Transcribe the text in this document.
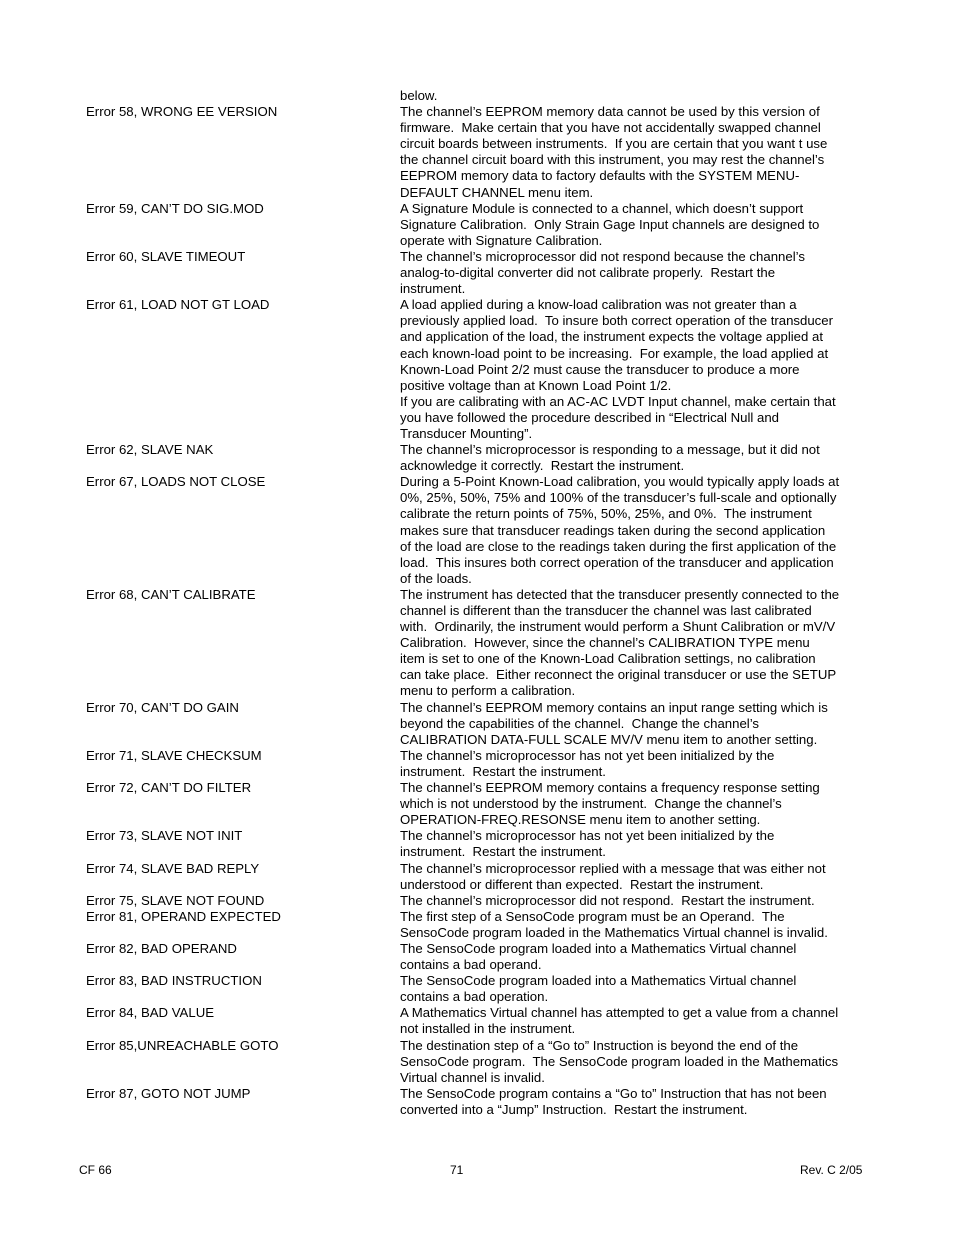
below.
Error 58, WRONG EE VERSION	The channel’s EEPROM memory data cannot be used by this version of
firmware.  Make certain that you have not accidentally swapped channel
circuit boards between instruments.  If you are certain that you want t use
the channel circuit board with this instrument, you may rest the channel’s
EEPROM memory data to factory defaults with the SYSTEM MENU-
DEFAULT CHANNEL menu item.
Error 59, CAN’T DO SIG.MOD	A Signature Module is connected to a channel, which doesn’t support
Signature Calibration.  Only Strain Gage Input channels are designed to
operate with Signature Calibration.
Error 60, SLAVE TIMEOUT	The channel’s microprocessor did not respond because the channel’s
analog-to-digital converter did not calibrate properly.  Restart the
instrument.
Error 61, LOAD NOT GT LOAD	A load applied during a know-load calibration was not greater than a
previously applied load.  To insure both correct operation of the transducer
and application of the load, the instrument expects the voltage applied at
each known-load point to be increasing.  For example, the load applied at
Known-Load Point 2/2 must cause the transducer to produce a more
positive voltage than at Known Load Point 1/2.
If you are calibrating with an AC-AC LVDT Input channel, make certain that
you have followed the procedure described in “Electrical Null and
Transducer Mounting”.
Error 62, SLAVE NAK	The channel’s microprocessor is responding to a message, but it did not
acknowledge it correctly.  Restart the instrument.
Error 67, LOADS NOT CLOSE	During a 5-Point Known-Load calibration, you would typically apply loads at
0%, 25%, 50%, 75% and 100% of the transducer’s full-scale and optionally
calibrate the return points of 75%, 50%, 25%, and 0%.  The instrument
makes sure that transducer readings taken during the second application
of the load are close to the readings taken during the first application of the
load.  This insures both correct operation of the transducer and application
of the loads.
Error 68, CAN’T CALIBRATE	The instrument has detected that the transducer presently connected to the
channel is different than the transducer the channel was last calibrated
with.  Ordinarily, the instrument would perform a Shunt Calibration or mV/V
Calibration.  However, since the channel’s CALIBRATION TYPE menu
item is set to one of the Known-Load Calibration settings, no calibration
can take place.  Either reconnect the original transducer or use the SETUP
menu to perform a calibration.
Error 70, CAN’T DO GAIN	The channel’s EEPROM memory contains an input range setting which is
beyond the capabilities of the channel.  Change the channel’s
CALIBRATION DATA-FULL SCALE MV/V menu item to another setting.
Error 71, SLAVE CHECKSUM	The channel’s microprocessor has not yet been initialized by the
instrument.  Restart the instrument.
Error 72, CAN’T DO FILTER	The channel’s EEPROM memory contains a frequency response setting
which is not understood by the instrument.  Change the channel’s
OPERATION-FREQ.RESONSE menu item to another setting.
Error 73, SLAVE NOT INIT	The channel’s microprocessor has not yet been initialized by the
instrument.  Restart the instrument.
Error 74, SLAVE BAD REPLY	The channel’s microprocessor replied with a message that was either not
understood or different than expected.  Restart the instrument.
Error 75, SLAVE NOT FOUND	The channel’s microprocessor did not respond.  Restart the instrument.
Error 81, OPERAND EXPECTED	The first step of a SensoCode program must be an Operand.  The
SensoCode program loaded in the Mathematics Virtual channel is invalid.
Error 82, BAD OPERAND	The SensoCode program loaded into a Mathematics Virtual channel
contains a bad operand.
Error 83, BAD INSTRUCTION	The SensoCode program loaded into a Mathematics Virtual channel
contains a bad operation.
Error 84, BAD VALUE	A Mathematics Virtual channel has attempted to get a value from a channel
not installed in the instrument.
Error 85,UNREACHABLE GOTO	The destination step of a “Go to” Instruction is beyond the end of the
SensoCode program.  The SensoCode program loaded in the Mathematics
Virtual channel is invalid.
Error 87, GOTO NOT JUMP	The SensoCode program contains a “Go to” Instruction that has not been
converted into a “Jump” Instruction.  Restart the instrument.
CF 66	71	Rev. C 2/05
